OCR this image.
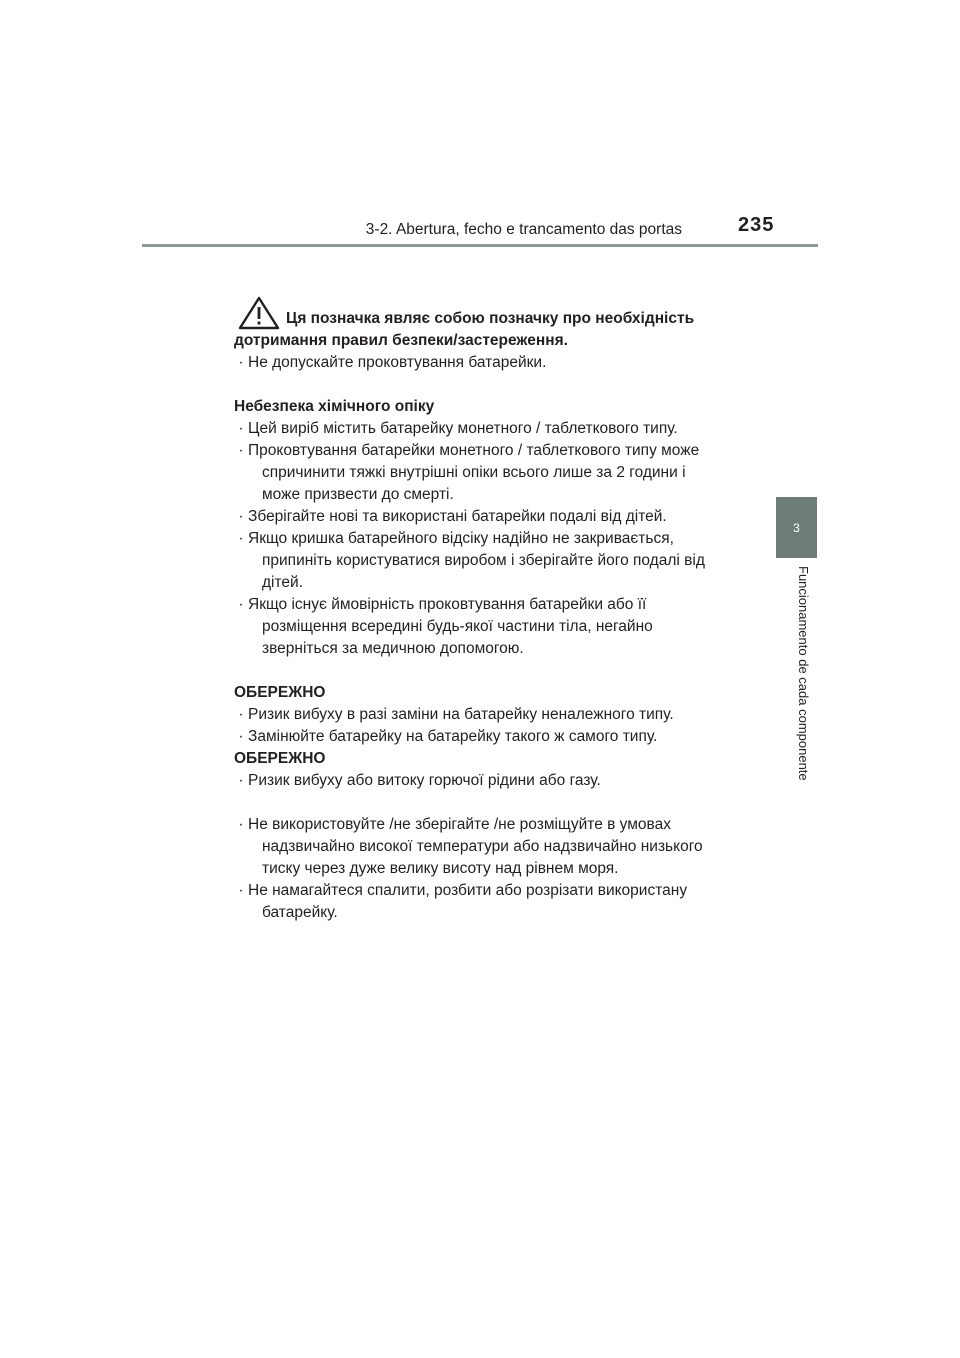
3-2. Abertura, fecho e trancamento das portas	235
3
Funcionamento de cada componente
Ця позначка являє собою позначку про необхідність
дотримання правил безпеки/застереження.
· Не допускайте проковтування батарейки.
Небезпека хімічного опіку
· Цей виріб містить батарейку монетного / таблеткового типу.
· Проковтування батарейки монетного / таблеткового типу може
спричинити тяжкі внутрішні опіки всього лише за 2 години і
може призвести до смерті.
· Зберігайте нові та використані батарейки подалі від дітей.
· Якщо кришка батарейного відсіку надійно не закривається,
припиніть користуватися виробом і зберігайте його подалі від
дітей.
· Якщо існує ймовірність проковтування батарейки або її
розміщення всередині будь-якої частини тіла, негайно
зверніться за медичною допомогою.
ОБЕРЕЖНО
· Ризик вибуху в разі заміни на батарейку неналежного типу.
· Замінюйте батарейку на батарейку такого ж самого типу.
ОБЕРЕЖНО
· Ризик вибуху або витоку горючої рідини або газу.
· Не використовуйте /не зберігайте /не розміщуйте в умовах
надзвичайно високої температури або надзвичайно низького
тиску через дуже велику висоту над рівнем моря.
· Не намагайтеся спалити, розбити або розрізати використану
батарейку.
